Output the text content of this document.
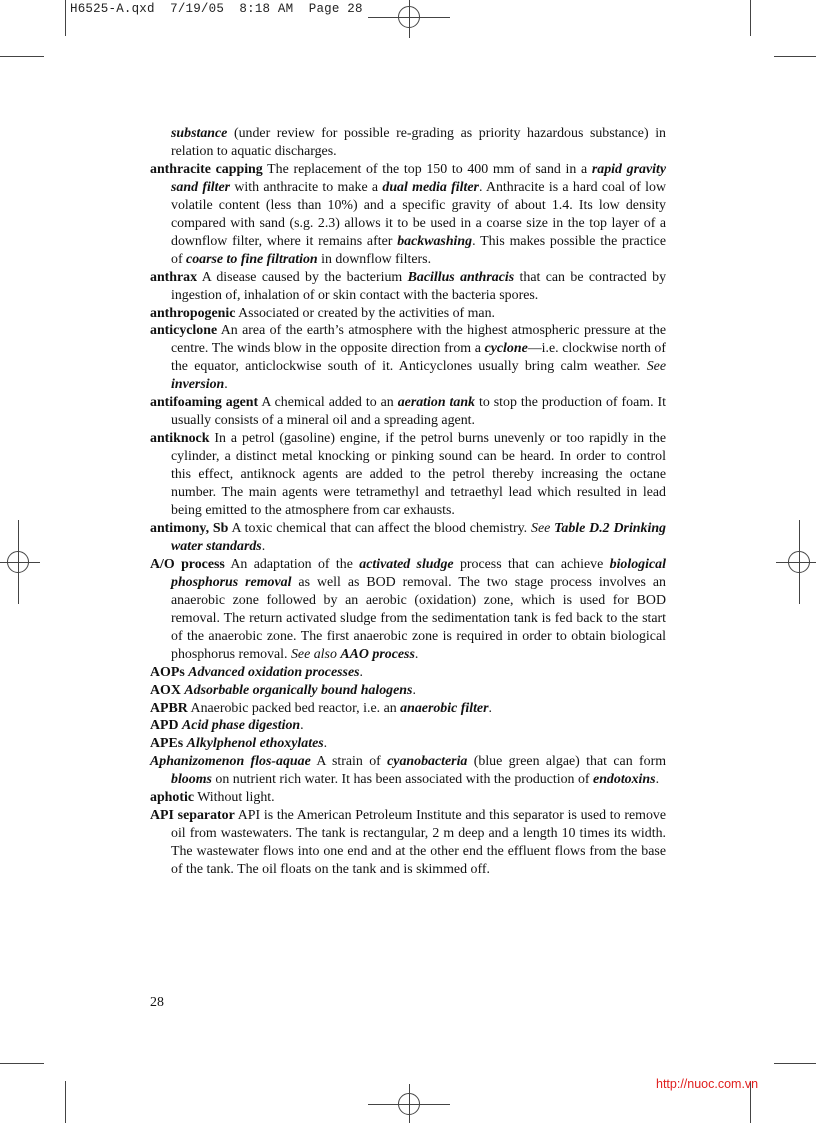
H6525-A.qxd  7/19/05  8:18 AM  Page 28

substance (under review for possible re-grading as priority hazardous substance) in relation to aquatic discharges.

anthracite capping The replacement of the top 150 to 400 mm of sand in a rapid gravity sand filter with anthracite to make a dual media filter. Anthracite is a hard coal of low volatile content (less than 10%) and a specific gravity of about 1.4. Its low density compared with sand (s.g. 2.3) allows it to be used in a coarse size in the top layer of a downflow filter, where it remains after backwashing. This makes possible the practice of coarse to fine filtration in downflow filters.

anthrax A disease caused by the bacterium Bacillus anthracis that can be contracted by ingestion of, inhalation of or skin contact with the bacteria spores.

anthropogenic Associated or created by the activities of man.

anticyclone An area of the earth’s atmosphere with the highest atmospheric pressure at the centre. The winds blow in the opposite direction from a cyclone—i.e. clockwise north of the equator, anticlockwise south of it. Anticyclones usually bring calm weather. See inversion.

antifoaming agent A chemical added to an aeration tank to stop the production of foam. It usually consists of a mineral oil and a spreading agent.

antiknock In a petrol (gasoline) engine, if the petrol burns unevenly or too rapidly in the cylinder, a distinct metal knocking or pinking sound can be heard. In order to control this effect, antiknock agents are added to the petrol thereby increasing the octane number. The main agents were tetramethyl and tetraethyl lead which resulted in lead being emitted to the atmosphere from car exhausts.

antimony, Sb A toxic chemical that can affect the blood chemistry. See Table D.2 Drinking water standards.

A/O process An adaptation of the activated sludge process that can achieve biological phosphorus removal as well as BOD removal. The two stage process involves an anaerobic zone followed by an aerobic (oxidation) zone, which is used for BOD removal. The return activated sludge from the sedimentation tank is fed back to the start of the anaerobic zone. The first anaerobic zone is required in order to obtain biological phosphorus removal. See also AAO process.

AOPs Advanced oxidation processes.

AOX Adsorbable organically bound halogens.

APBR Anaerobic packed bed reactor, i.e. an anaerobic filter.

APD Acid phase digestion.

APEs Alkylphenol ethoxylates.

Aphanizomenon flos-aquae A strain of cyanobacteria (blue green algae) that can form blooms on nutrient rich water. It has been associated with the production of endotoxins.

aphotic Without light.

API separator API is the American Petroleum Institute and this separator is used to remove oil from wastewaters. The tank is rectangular, 2 m deep and a length 10 times its width. The wastewater flows into one end and at the other end the effluent flows from the base of the tank. The oil floats on the tank and is skimmed off.

28
http://nuoc.com.vn
